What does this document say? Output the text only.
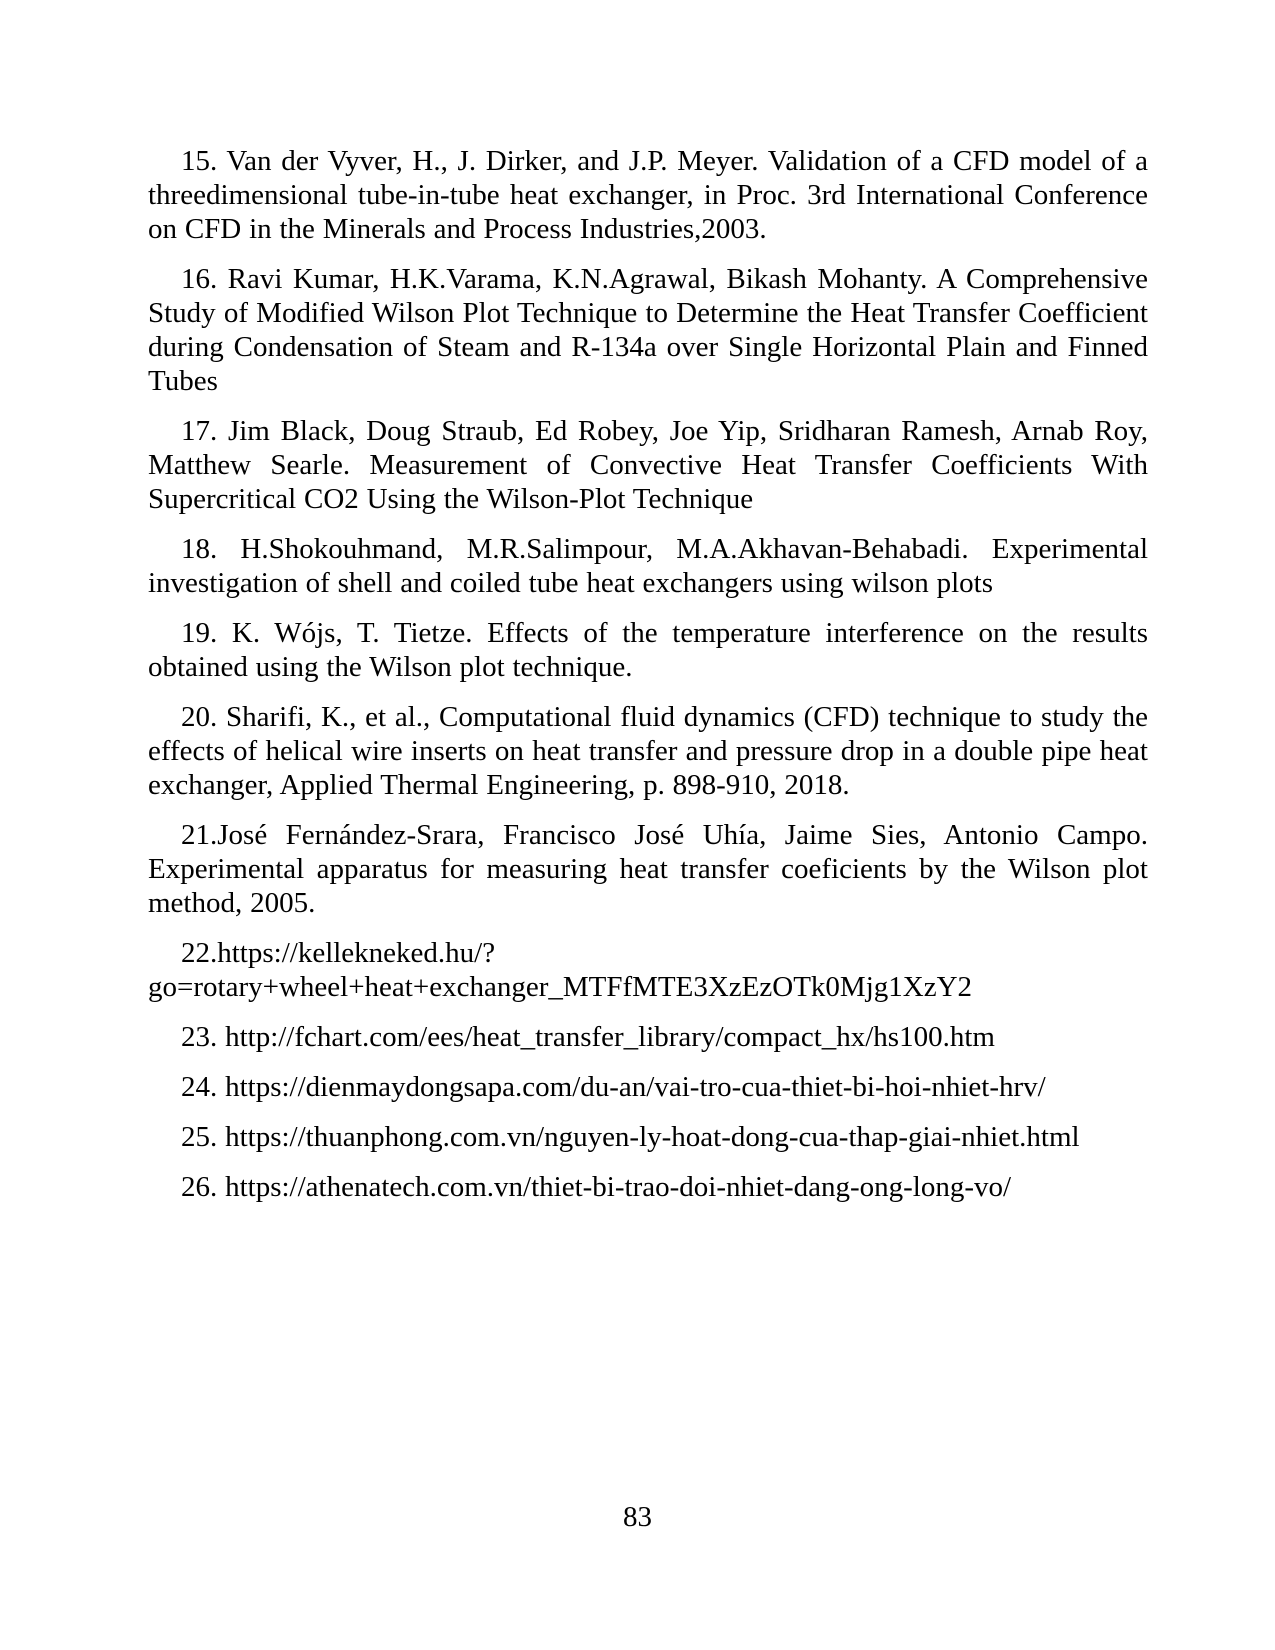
15. Van der Vyver, H., J. Dirker, and J.P. Meyer. Validation of a CFD model of a threedimensional tube-in-tube heat exchanger, in Proc. 3rd International Conference on CFD in the Minerals and Process Industries,2003.

16. Ravi Kumar, H.K.Varama, K.N.Agrawal, Bikash Mohanty. A Comprehensive Study of Modified Wilson Plot Technique to Determine the Heat Transfer Coefficient during Condensation of Steam and R-134a over Single Horizontal Plain and Finned Tubes

17. Jim Black, Doug Straub, Ed Robey, Joe Yip, Sridharan Ramesh, Arnab Roy, Matthew Searle. Measurement of Convective Heat Transfer Coefficients With Supercritical CO2 Using the Wilson-Plot Technique

18. H.Shokouhmand, M.R.Salimpour, M.A.Akhavan-Behabadi. Experimental investigation of shell and coiled tube heat exchangers using wilson plots

19. K. Wójs, T. Tietze. Effects of the temperature interference on the results obtained using the Wilson plot technique.

20. Sharifi, K., et al., Computational fluid dynamics (CFD) technique to study the effects of helical wire inserts on heat transfer and pressure drop in a double pipe heat exchanger, Applied Thermal Engineering, p. 898-910, 2018.

21.José Fernández-Srara, Francisco José Uhía, Jaime Sies, Antonio Campo. Experimental apparatus for measuring heat transfer coeficients by the Wilson plot method, 2005.

22.https://kellekneked.hu/?go=rotary+wheel+heat+exchanger_MTFfMTE3XzEzOTk0Mjg1XzY2

23. http://fchart.com/ees/heat_transfer_library/compact_hx/hs100.htm

24. https://dienmaydongsapa.com/du-an/vai-tro-cua-thiet-bi-hoi-nhiet-hrv/

25. https://thuanphong.com.vn/nguyen-ly-hoat-dong-cua-thap-giai-nhiet.html

26. https://athenatech.com.vn/thiet-bi-trao-doi-nhiet-dang-ong-long-vo/

83
